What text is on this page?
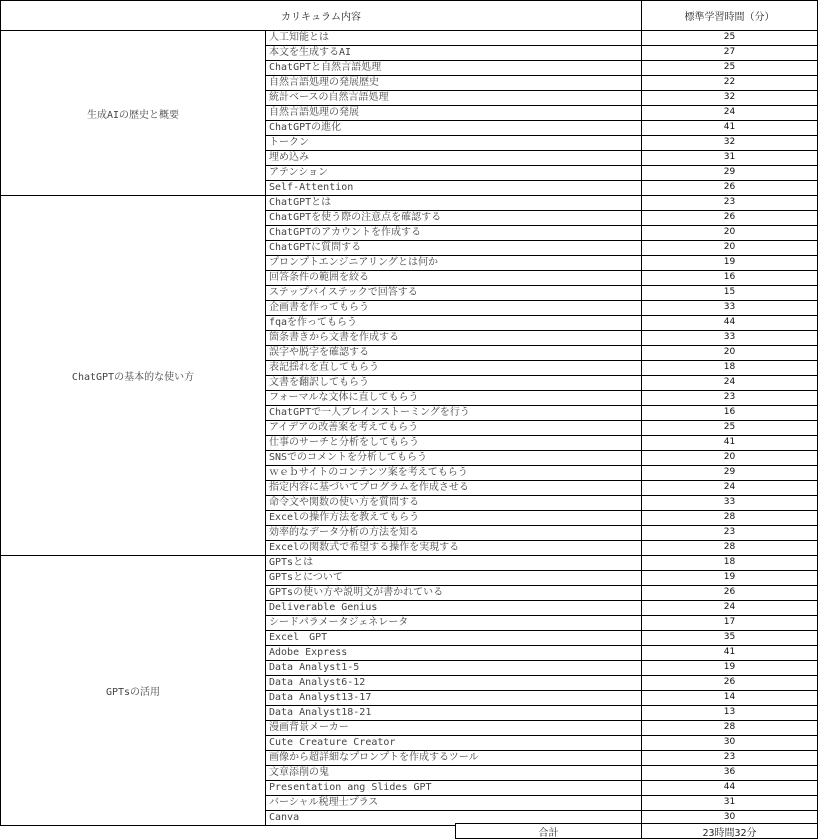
カリキュラム内容	標準学習時間（分）
生成AIの歴史と概要
人工知能とは	25
本文を生成するAI	27
ChatGPTと自然言語処理	25
自然言語処理の発展歴史	22
統計ベースの自然言語処理	32
自然言語処理の発展	24
ChatGPTの進化	41
トークン	32
埋め込み	31
アテンション	29
Self-Attention	26
ChatGPTの基本的な使い方
ChatGPTとは	23
ChatGPTを使う際の注意点を確認する	26
ChatGPTのアカウントを作成する	20
ChatGPTに質問する	20
プロンプトエンジニアリングとは何か	19
回答条件の範囲を絞る	16
ステップバイステックで回答する	15
企画書を作ってもらう	33
fqaを作ってもらう	44
箇条書きから文書を作成する	33
誤字や脱字を確認する	20
表記揺れを直してもらう	18
文書を翻訳してもらう	24
フォーマルな文体に直してもらう	23
ChatGPTで一人ブレインストーミングを行う	16
アイデアの改善案を考えてもらう	25
仕事のサーチと分析をしてもらう	41
SNSでのコメントを分析してもらう	20
ｗｅｂサイトのコンテンツ案を考えてもらう	29
指定内容に基づいてプログラムを作成させる	24
命令文や関数の使い方を質問する	33
Excelの操作方法を教えてもらう	28
効率的なデータ分析の方法を知る	23
Excelの関数式で希望する操作を実現する	28
GPTsの活用
GPTsとは	18
GPTsとについて	19
GPTsの使い方や説明文が書かれている	26
Deliverable Genius	24
シードパラメータジェネレータ	17
Excel　GPT	35
Adobe Express	41
Data Analyst1-5	19
Data Analyst6-12	26
Data Analyst13-17	14
Data Analyst18-21	13
漫画背景メーカー	28
Cute Creature Creator	30
画像から超詳細なプロンプトを作成するツール	23
文章添削の鬼	36
Presentation ang Slides GPT	44
バーシャル税理士プラス	31
Canva	30
合計	23時間32分
